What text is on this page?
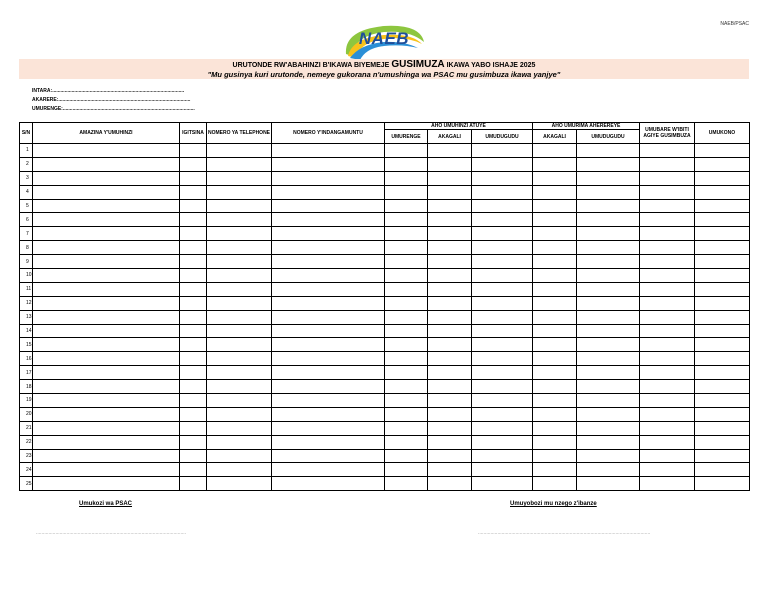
NAEB/PSAC
NAEB
URUTONDE RW'ABAHINZI B'IKAWA BIYEMEJE GUSIMUZA IKAWA YABO ISHAJE 2025
"Mu gusinya kuri urutonde, nemeye gukorana n'umushinga wa PSAC mu gusimbuza ikawa yanjye"
INTARA:...............................................................................................
AKARERE:...............................................................................................
UMURENGE:...............................................................................................
S/N	AMAZINA Y'UMUHINZI	IGITSINA	NOMERO YA TELEPHONE	NOMERO Y'INDANGAMUNTU	AHO UMUHINZI ATUYE			AHO UMURIMA AHEREREYE		UMUBARE W'IBITI AGIYE GUSIMBUZA	UMUKONO
					UMURENGE	AKAGALI	UMUDUGUDU	AKAGALI	UMUDUGUDU		
1											
2											
3											
4											
5											
6											
7											
8											
9											
10											
11											
12											
13											
14											
15											
16											
17											
18											
19											
20											
21											
22											
23											
24											
25											
Umukozi wa PSAC	Umuyobozi mu nzego z'ibanze
............................................................................................................	............................................................................................................................
